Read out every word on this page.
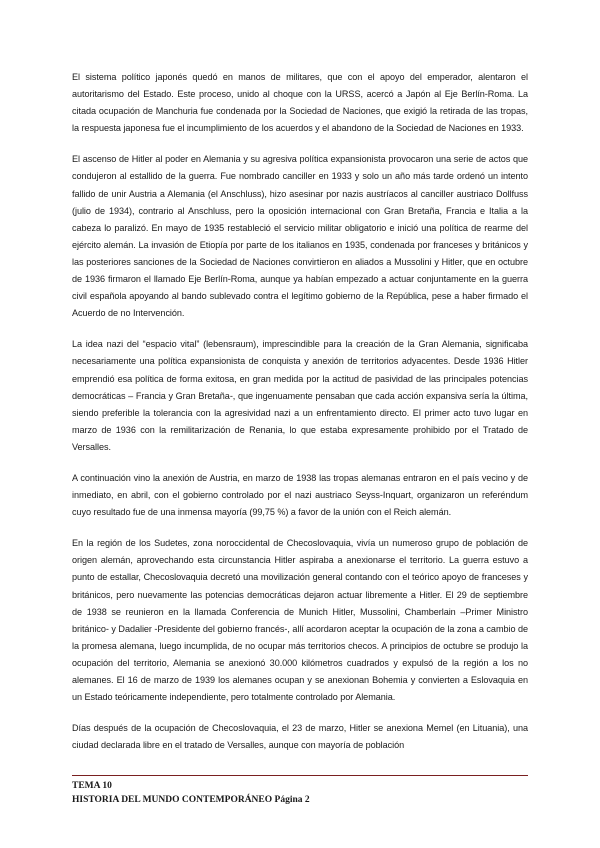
El sistema político japonés quedó en manos de militares, que con el apoyo del emperador, alentaron el autoritarismo del Estado. Este proceso, unido al choque con la URSS, acercó a Japón al Eje Berlín-Roma. La citada ocupación de Manchuria fue condenada por la Sociedad de Naciones, que exigió la retirada de las tropas, la respuesta japonesa fue el incumplimiento de los acuerdos y el abandono de la Sociedad de Naciones en 1933.

El ascenso de Hitler al poder en Alemania y su agresiva política expansionista provocaron una serie de actos que condujeron al estallido de la guerra. Fue nombrado canciller en 1933 y solo un año más tarde ordenó un intento fallido de unir Austria a Alemania (el Anschluss), hizo asesinar por nazis austríacos al canciller austriaco Dollfuss (julio de 1934), contrario al Anschluss, pero la oposición internacional con Gran Bretaña, Francia e Italia a la cabeza lo paralizó. En mayo de 1935 restableció el servicio militar obligatorio e inició una política de rearme del ejército alemán. La invasión de Etiopía por parte de los italianos en 1935, condenada por franceses y británicos y las posteriores sanciones de la Sociedad de Naciones convirtieron en aliados a Mussolini y Hitler, que en octubre de 1936 firmaron el llamado Eje Berlín-Roma, aunque ya habían empezado a actuar conjuntamente en la guerra civil española apoyando al bando sublevado contra el legítimo gobierno de la República, pese a haber firmado el Acuerdo de no Intervención.

La idea nazi del “espacio vital” (lebensraum), imprescindible para la creación de la Gran Alemania, significaba necesariamente una política expansionista de conquista y anexión de territorios adyacentes. Desde 1936 Hitler emprendió esa política de forma exitosa, en gran medida por la actitud de pasividad de las principales potencias democráticas – Francia y Gran Bretaña-, que ingenuamente pensaban que cada acción expansiva sería la última, siendo preferible la tolerancia con la agresividad nazi a un enfrentamiento directo. El primer acto tuvo lugar en marzo de 1936 con la remilitarización de Renania, lo que estaba expresamente prohibido por el Tratado de Versalles.

A continuación vino la anexión de Austria, en marzo de 1938 las tropas alemanas entraron en el país vecino y de inmediato, en abril, con el gobierno controlado por el nazi austriaco Seyss-Inquart, organizaron un referéndum cuyo resultado fue de una inmensa mayoría (99,75 %) a favor de la unión con el Reich alemán.

En la región de los Sudetes, zona noroccidental de Checoslovaquia, vivía un numeroso grupo de población de origen alemán, aprovechando esta circunstancia Hitler aspiraba a anexionarse el territorio. La guerra estuvo a punto de estallar, Checoslovaquia decretó una movilización general contando con el teórico apoyo de franceses y británicos, pero nuevamente las potencias democráticas dejaron actuar libremente a Hitler. El 29 de septiembre de 1938 se reunieron en la llamada Conferencia de Munich Hitler, Mussolini, Chamberlain –Primer Ministro británico- y Dadalier -Presidente del gobierno francés-, allí acordaron aceptar la ocupación de la zona a cambio de la promesa alemana, luego incumplida, de no ocupar más territorios checos. A principios de octubre se produjo la ocupación del territorio, Alemania se anexionó 30.000 kilómetros cuadrados y expulsó de la región a los no alemanes. El 16 de marzo de 1939 los alemanes ocupan y se anexionan Bohemia y convierten a Eslovaquia en un Estado teóricamente independiente, pero totalmente controlado por Alemania.

Días después de la ocupación de Checoslovaquia, el 23 de marzo, Hitler se anexiona Memel (en Lituania), una ciudad declarada libre en el tratado de Versalles, aunque con mayoría de población

TEMA 10
HISTORIA DEL MUNDO CONTEMPORÁNEO Página 2
